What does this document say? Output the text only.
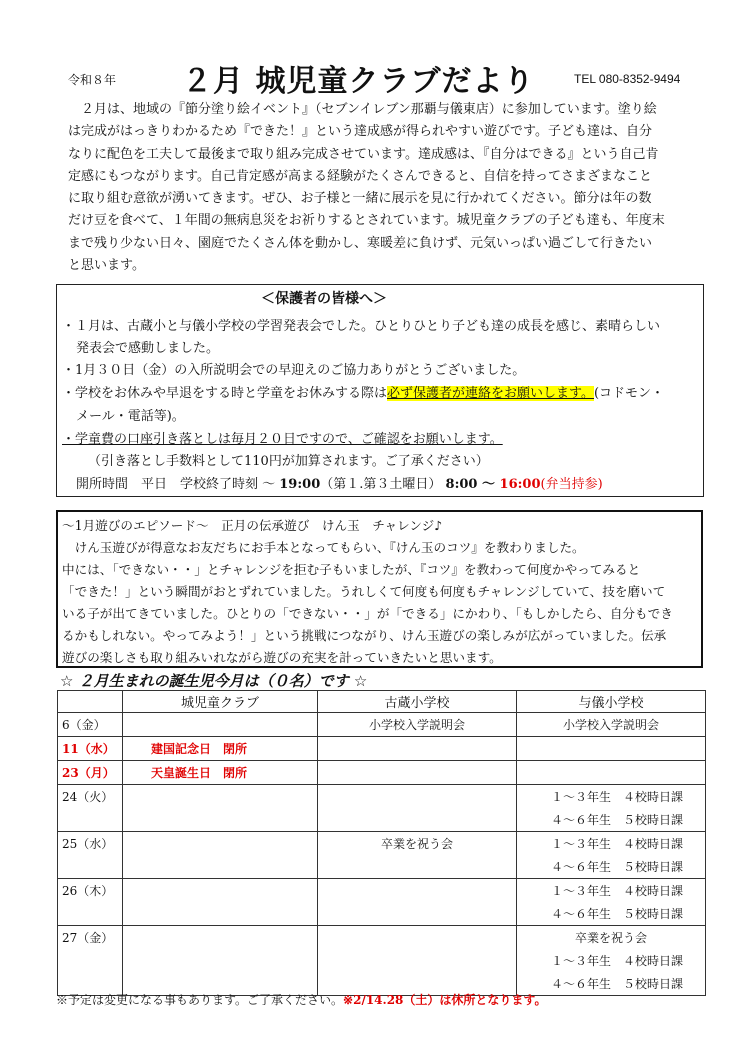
令和８年 ２月 城児童クラブだより	TEL 080-8352-9494

２月は、地域の『節分塗り絵イベント』（セブンイレブン那覇与儀東店）に参加しています。塗り絵

は完成がはっきりわかるため『できた！』という達成感が得られやすい遊びです。子ども達は、自分
なりに配色を工夫して最後まで取り組み完成させています。達成感は、『自分はできる』という自己肯
定感にもつながります。自己肯定感が高まる経験がたくさんできると、自信を持ってさまざまなこと
に取り組む意欲が湧いてきます。ぜひ、お子様と一緒に展示を見に行かれてください。節分は年の数
だけ豆を食べて、１年間の無病息災をお祈りするとされています。城児童クラブの子ども達も、年度末
まで残り少ない日々、園庭でたくさん体を動かし、寒暖差に負けず、元気いっぱい過ごして行きたい
と思います。
＜保護者の皆様へ＞
・１月は、古蔵小と与儀小学校の学習発表会でした。ひとりひとり子ども達の成長を感じ、素晴らしい
発表会で感動しました。
・1月３０日（金）の入所説明会での早迎えのご協力ありがとうございました。
・学校をお休みや早退をする時と学童をお休みする際は必ず保護者が連絡をお願いします。(コドモン・
メール・電話等)。
・学童費の口座引き落としは毎月２０日ですので、ご確認をお願いします。
（引き落とし手数料として110円が加算されます。ご了承ください）
開所時間　平日　学校終了時刻 ～ 19:00（第１.第３土曜日） 8:00 ～ 16:00(弁当持参)
～1月遊びのエピソード～　正月の伝承遊び　けん玉　チャレンジ♪
　けん玉遊びが得意なお友だちにお手本となってもらい、『けん玉のコツ』を教わりました。
中には、「できない・・」とチャレンジを拒む子もいましたが、『コツ』を教わって何度かやってみると
「できた！」という瞬間がおとずれていました。うれしくて何度も何度もチャレンジしていて、技を磨いて
いる子が出てきていました。ひとりの「できない・・」が「できる」にかわり、「もしかしたら、自分もでき
るかもしれない。やってみよう！」という挑戦につながり、けん玉遊びの楽しみが広がっていました。伝承
遊びの楽しさも取り組みいれながら遊びの充実を計っていきたいと思います。
☆ ２月生まれの誕生児今月は（０名）です ☆
	城児童クラブ	古蔵小学校	与儀小学校
6（金）		小学校入学説明会	小学校入学説明会
11（水）	建国記念日　閉所		
23（月）	天皇誕生日　閉所		
24（火）			１～３年生　４校時日課
			４～６年生　５校時日課
25（水）		卒業を祝う会	１～３年生　４校時日課
			４～６年生　５校時日課
26（木）			１～３年生　４校時日課
			４～６年生　５校時日課
27（金）			卒業を祝う会
			１～３年生　４校時日課
			４～６年生　５校時日課
※予定は変更になる事もあります。ご了承ください。※2/14.28（土）は休所となります。
